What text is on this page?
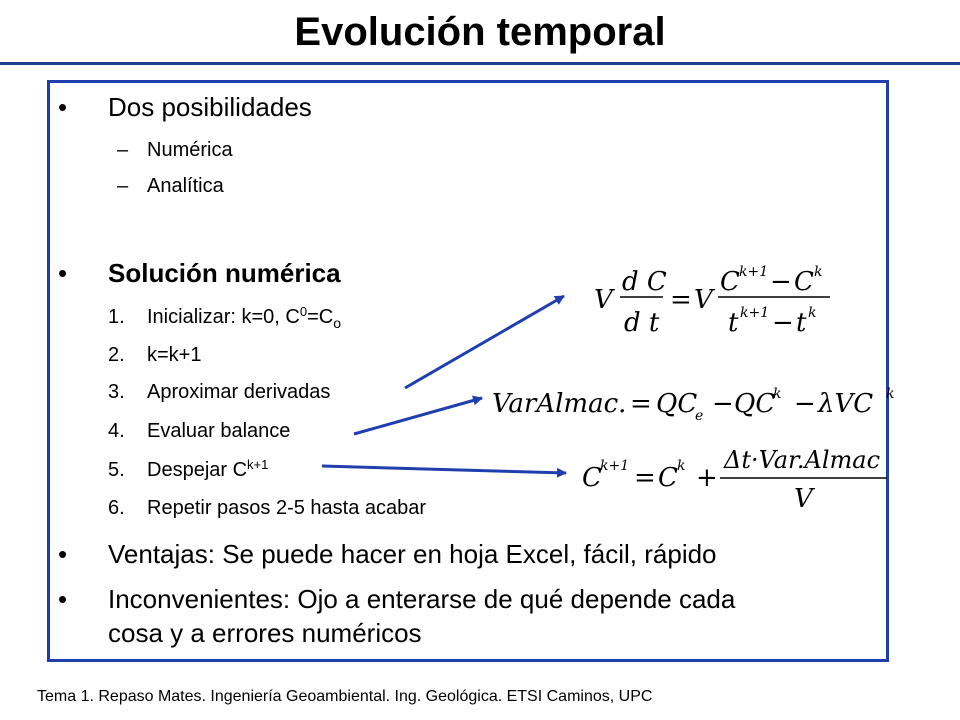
Evolución temporal
• Dos posibilidades
– Numérica
– Analítica
• Solución numérica
1. Inicializar: k=0, $C^0=C_o$
2. k=k+1
3. Aproximar derivadas
4. Evaluar balance
5. Despejar $C^{k+1}$
6. Repetir pasos 2-5 hasta acabar
• Ventajas: Se puede hacer en hoja Excel, fácil, rápido
• Inconvenientes: Ojo a enterarse de qué depende cada
cosa y a errores numéricos
V
d C
d t
= V
C k+1 − C k
t k+1 − t k
VarAlmac. = QC
e − QC
k − λVC k
C
k+1 = C k +
Δt·Var.Almac
V
Tema 1. Repaso Mates. Ingeniería Geoambiental. Ing. Geológica. ETSI Caminos, UPC
